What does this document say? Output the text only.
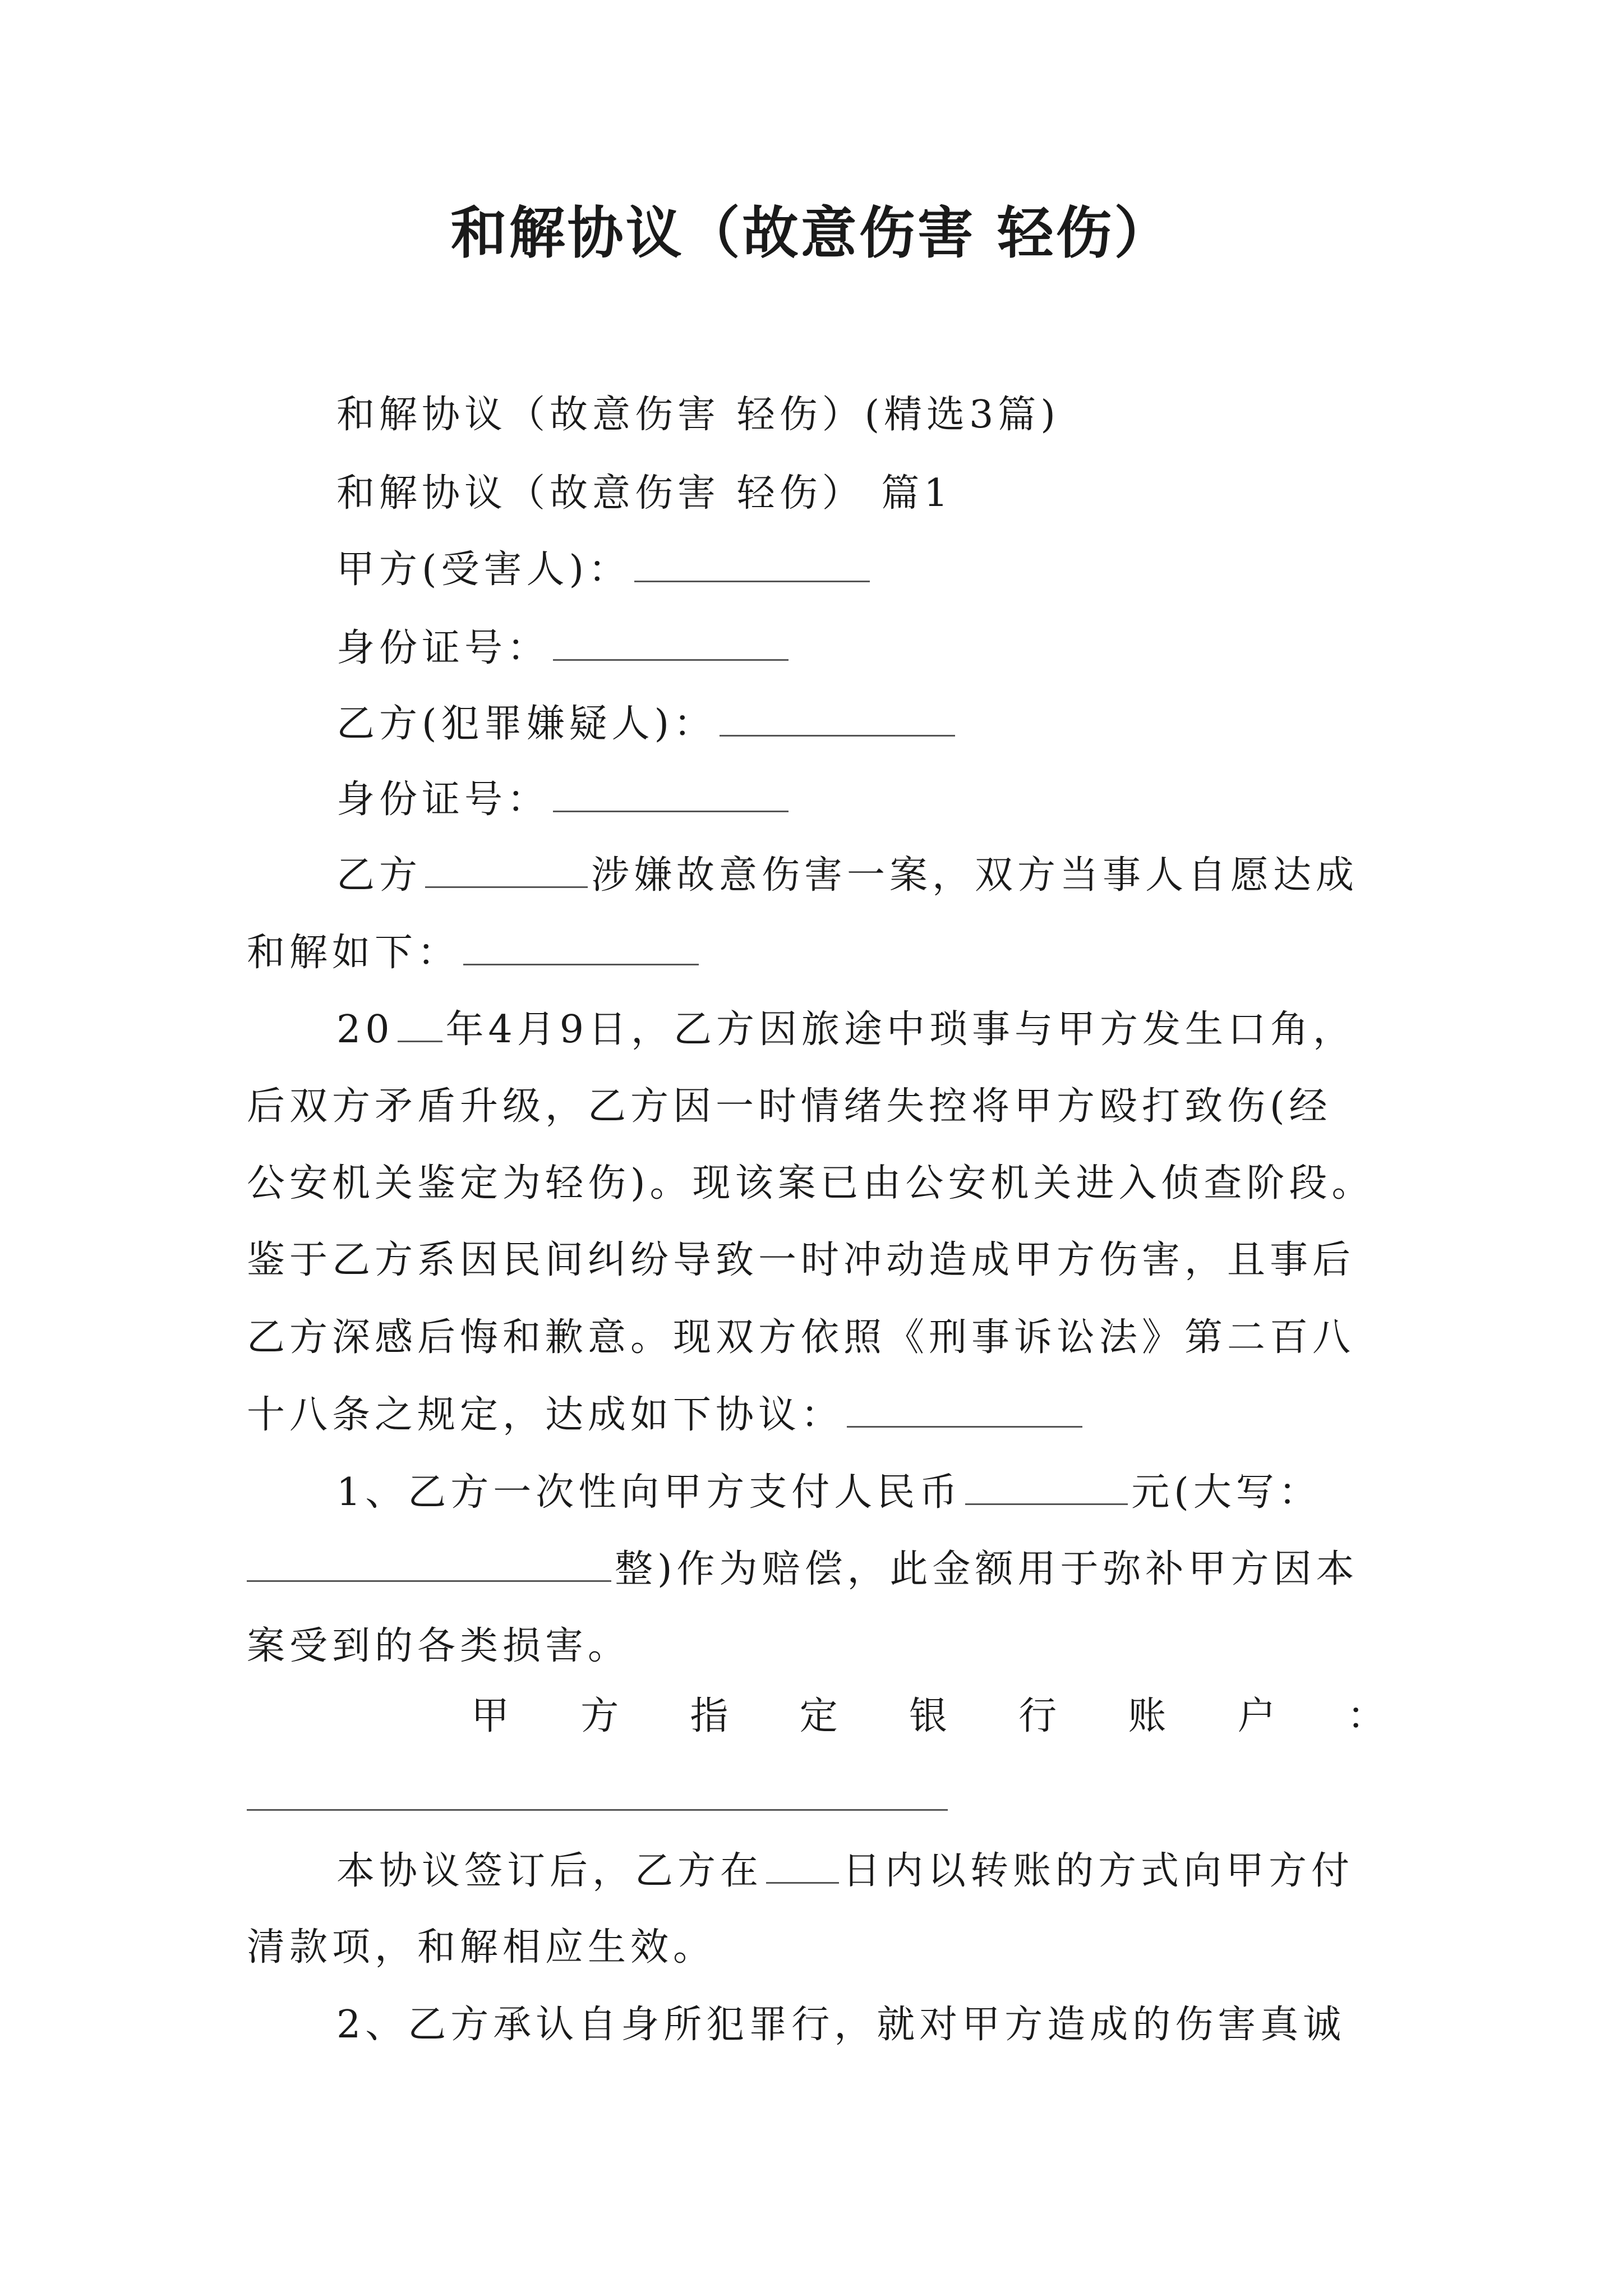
和解协议（故意伤害 轻伤）
和解协议（故意伤害 轻伤）(精选3篇)
和解协议（故意伤害 轻伤） 篇1
甲方(受害人)：
身份证号：
乙方(犯罪嫌疑人)：
身份证号：
乙方	涉嫌故意伤害一案，双方当事人自愿达成
和解如下：
20 年4月9日，乙方因旅途中琐事与甲方发生口角，
后双方矛盾升级，乙方因一时情绪失控将甲方殴打致伤(经
公安机关鉴定为轻伤)。现该案已由公安机关进入侦查阶段。
鉴于乙方系因民间纠纷导致一时冲动造成甲方伤害，且事后
乙方深感后悔和歉意。现双方依照《刑事诉讼法》第二百八
十八条之规定，达成如下协议：
1、乙方一次性向甲方支付人民币	元(大写：
整)作为赔偿，此金额用于弥补甲方因本
案受到的各类损害。
甲 方 指 定 银 行 账 户 ：
本协议签订后，乙方在 日内以转账的方式向甲方付
清款项，和解相应生效。
2、乙方承认自身所犯罪行，就对甲方造成的伤害真诚
